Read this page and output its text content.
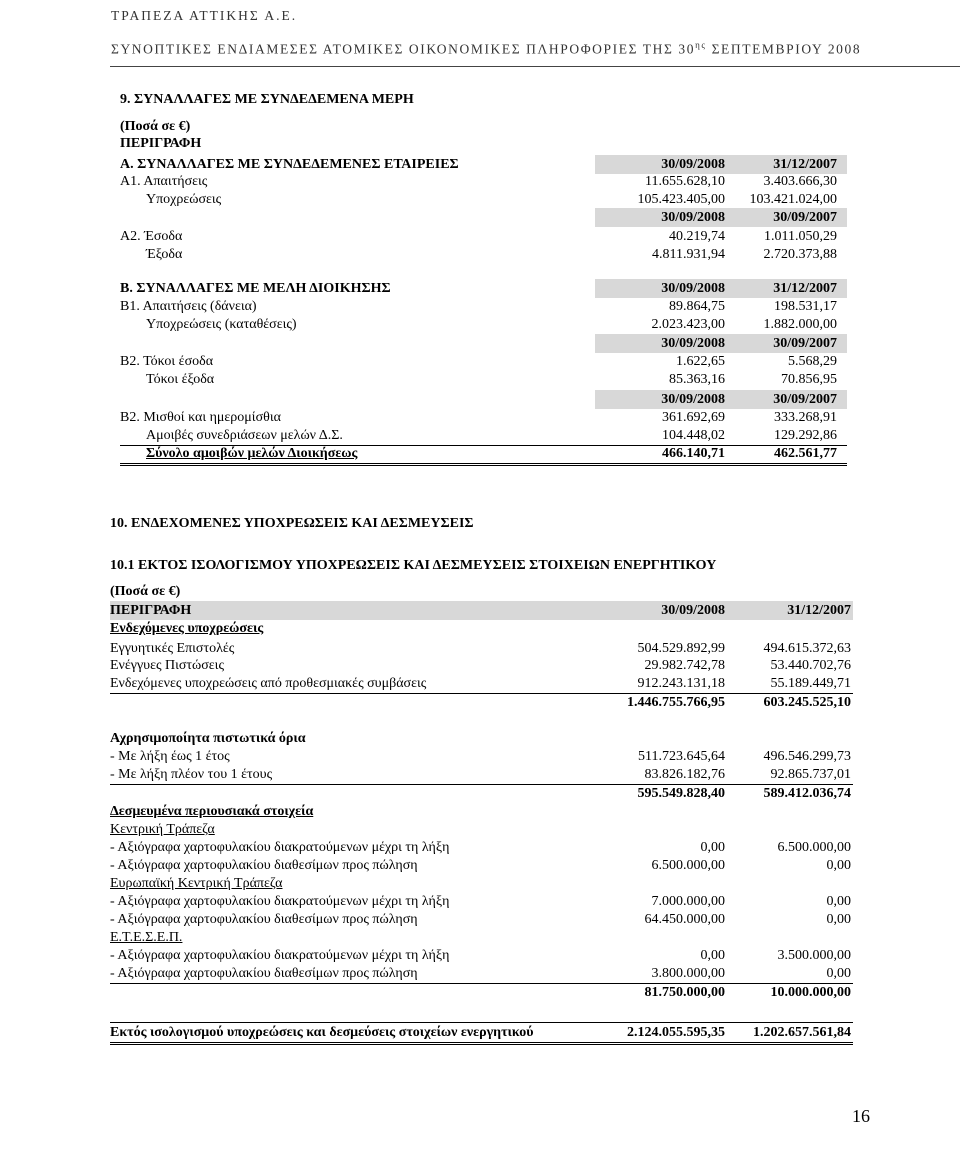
ΤΡΑΠΕΖΑ ΑΤΤΙΚΗΣ Α.Ε.
ΣΥΝΟΠΤΙΚΕΣ ΕΝΔΙΑΜΕΣΕΣ ΑΤΟΜΙΚΕΣ ΟΙΚΟΝΟΜΙΚΕΣ ΠΛΗΡΟΦΟΡΙΕΣ ΤΗΣ $30^{\eta\varsigma}$ ΣΕΠΤΕΜΒΡΙΟΥ 2008
9. ΣΥΝΑΛΛΑΓΕΣ ΜΕ ΣΥΝΔΕΔΕΜΕΝΑ ΜΕΡΗ
(Ποσά σε €)
ΠΕΡΙΓΡΑΦΗ
Α. ΣΥΝΑΛΛΑΓΕΣ ΜΕ ΣΥΝΔΕΔΕΜΕΝΕΣ ΕΤΑΙΡΕΙΕΣ	30/09/2008	31/12/2007
Α1. Απαιτήσεις	11.655.628,10	3.403.666,30
Υποχρεώσεις	105.423.405,00	103.421.024,00
30/09/2008	30/09/2007
Α2. Έσοδα	40.219,74	1.011.050,29
Έξοδα	4.811.931,94	2.720.373,88
Β. ΣΥΝΑΛΛΑΓΕΣ ΜΕ ΜΕΛΗ ΔΙΟΙΚΗΣΗΣ	30/09/2008	31/12/2007
Β1. Απαιτήσεις (δάνεια)	89.864,75	198.531,17
Υποχρεώσεις (καταθέσεις)	2.023.423,00	1.882.000,00
30/09/2008	30/09/2007
Β2. Τόκοι έσοδα	1.622,65	5.568,29
Τόκοι έξοδα	85.363,16	70.856,95
30/09/2008	30/09/2007
Β2. Μισθοί και ημερομίσθια	361.692,69	333.268,91
Αμοιβές συνεδριάσεων μελών Δ.Σ.	104.448,02	129.292,86
Σύνολο αμοιβών μελών Διοικήσεως	466.140,71	462.561,77
10. ΕΝΔΕΧΟΜΕΝΕΣ ΥΠΟΧΡΕΩΣΕΙΣ ΚΑΙ ΔΕΣΜΕΥΣΕΙΣ
10.1 ΕΚΤΟΣ ΙΣΟΛΟΓΙΣΜΟΥ ΥΠΟΧΡΕΩΣΕΙΣ ΚΑΙ ΔΕΣΜΕΥΣΕΙΣ ΣΤΟΙΧΕΙΩΝ ΕΝΕΡΓΗΤΙΚΟΥ
(Ποσά σε €)
ΠΕΡΙΓΡΑΦΗ	30/09/2008	31/12/2007
Ενδεχόμενες υποχρεώσεις
Εγγυητικές Επιστολές	504.529.892,99	494.615.372,63
Ενέγγυες Πιστώσεις	29.982.742,78	53.440.702,76
Ενδεχόμενες υποχρεώσεις από προθεσμιακές συμβάσεις	912.243.131,18	55.189.449,71
1.446.755.766,95	603.245.525,10
Αχρησιμοποίητα πιστωτικά όρια
- Με λήξη έως 1 έτος	511.723.645,64	496.546.299,73
- Με λήξη πλέον του 1 έτους	83.826.182,76	92.865.737,01
595.549.828,40	589.412.036,74
Δεσμευμένα περιουσιακά στοιχεία
Κεντρική Τράπεζα
- Αξιόγραφα χαρτοφυλακίου διακρατούμενων μέχρι τη λήξη	0,00	6.500.000,00
- Αξιόγραφα χαρτοφυλακίου διαθεσίμων προς πώληση	6.500.000,00	0,00
Ευρωπαϊκή Κεντρική Τράπεζα
- Αξιόγραφα χαρτοφυλακίου διακρατούμενων μέχρι τη λήξη	7.000.000,00	0,00
- Αξιόγραφα χαρτοφυλακίου διαθεσίμων προς πώληση	64.450.000,00	0,00
Ε.Τ.Ε.Σ.Ε.Π.
- Αξιόγραφα χαρτοφυλακίου διακρατούμενων μέχρι τη λήξη	0,00	3.500.000,00
- Αξιόγραφα χαρτοφυλακίου διαθεσίμων προς πώληση	3.800.000,00	0,00
81.750.000,00	10.000.000,00
Εκτός ισολογισμού υποχρεώσεις και δεσμεύσεις στοιχείων ενεργητικού	2.124.055.595,35	1.202.657.561,84
16
